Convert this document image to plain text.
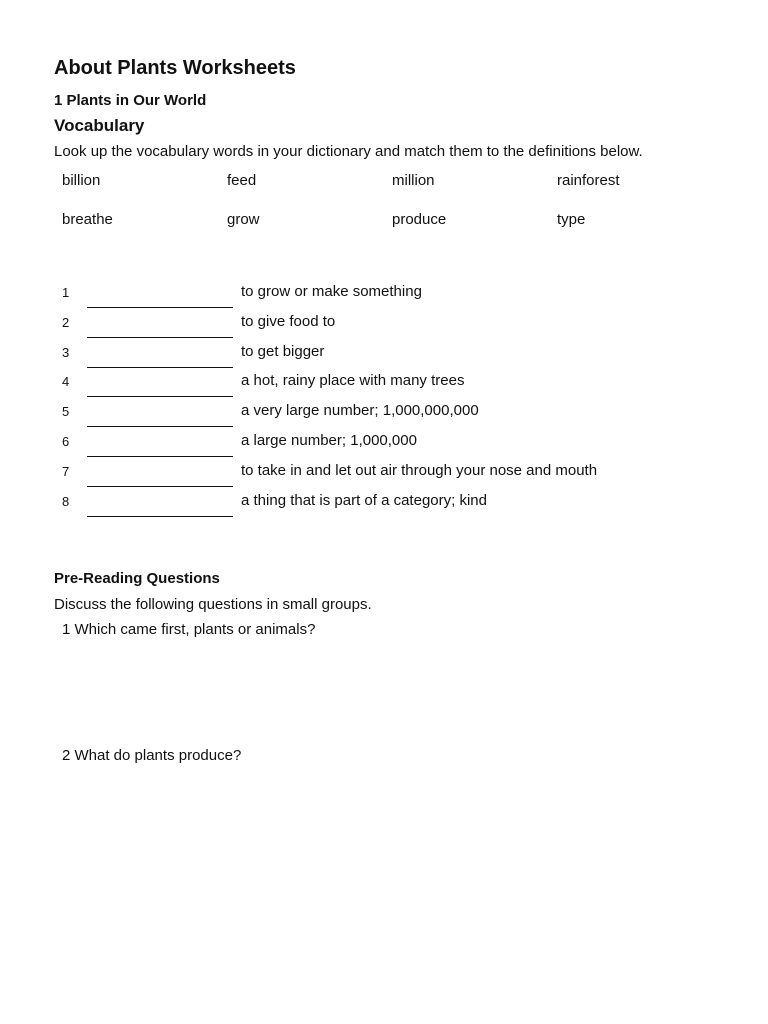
About Plants Worksheets
1 Plants in Our World
Vocabulary
Look up the vocabulary words in your dictionary and match them to the definitions below.
billion	feed	million	rainforest
breathe	grow	produce	type
1	to grow or make something
2	to give food to
3	to get bigger
4	a hot, rainy place with many trees
5	a very large number; 1,000,000,000
6	a large number; 1,000,000
7	to take in and let out air through your nose and mouth
8	a thing that is part of a category; kind
Pre-Reading Questions
Discuss the following questions in small groups.
1 Which came first, plants or animals?
2 What do plants produce?
